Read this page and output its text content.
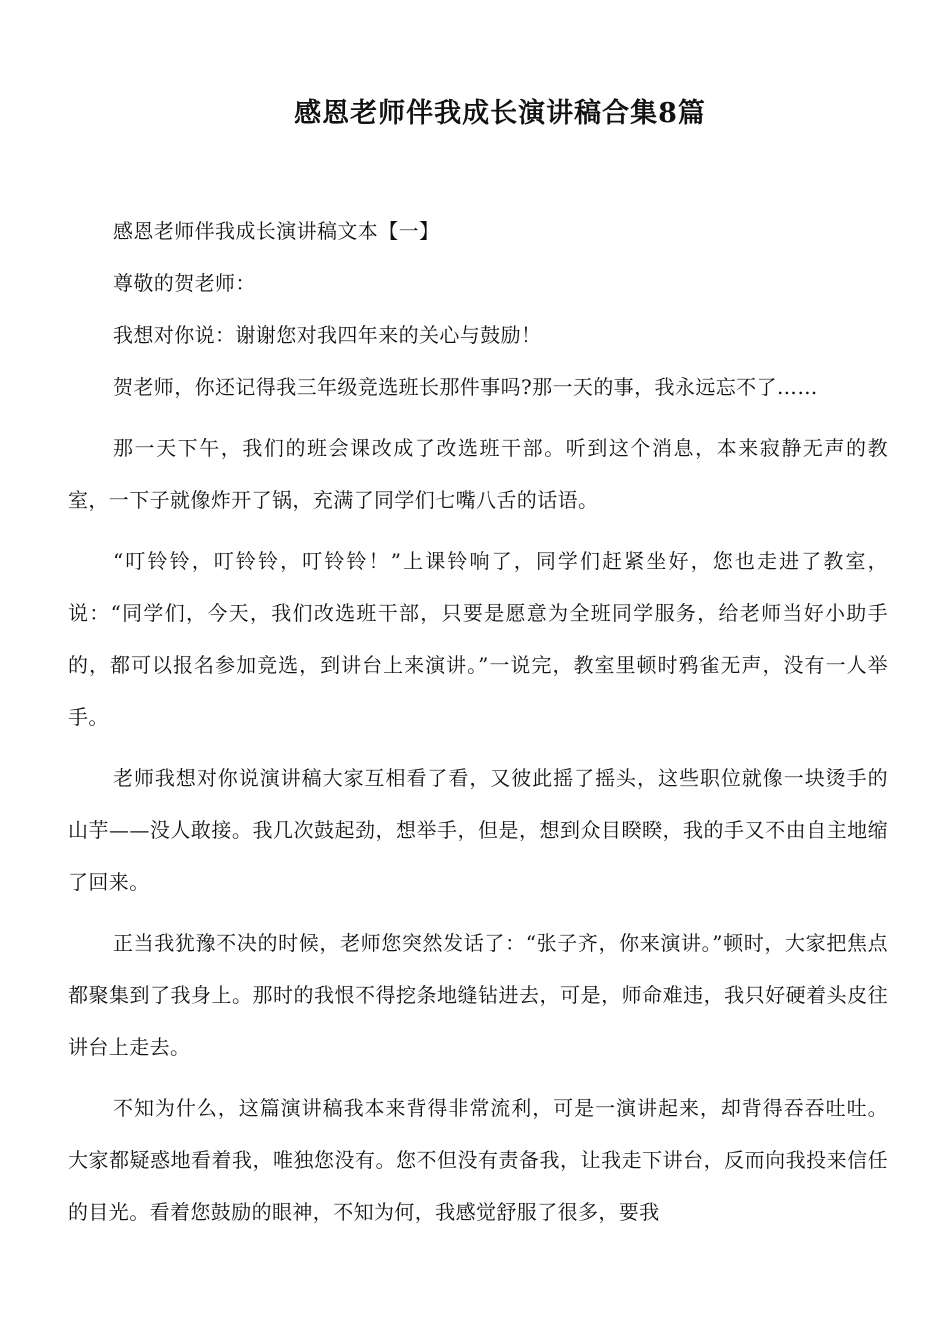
感恩老师伴我成长演讲稿合集8篇

感恩老师伴我成长演讲稿文本【一】

尊敬的贺老师：

我想对你说：谢谢您对我四年来的关心与鼓励！

贺老师，你还记得我三年级竞选班长那件事吗?那一天的事，我永远忘不了……

那一天下午，我们的班会课改成了改选班干部。听到这个消息，本来寂静无声的教室，一下子就像炸开了锅，充满了同学们七嘴八舌的话语。

“叮铃铃，叮铃铃，叮铃铃！”上课铃响了，同学们赶紧坐好，您也走进了教室，说：“同学们，今天，我们改选班干部，只要是愿意为全班同学服务，给老师当好小助手的，都可以报名参加竞选，到讲台上来演讲。”一说完，教室里顿时鸦雀无声，没有一人举手。

老师我想对你说演讲稿大家互相看了看，又彼此摇了摇头，这些职位就像一块烫手的山芋——没人敢接。我几次鼓起劲，想举手，但是，想到众目睽睽，我的手又不由自主地缩了回来。

正当我犹豫不决的时候，老师您突然发话了：“张子齐，你来演讲。”顿时，大家把焦点都聚集到了我身上。那时的我恨不得挖条地缝钻进去，可是，师命难违，我只好硬着头皮往讲台上走去。

不知为什么，这篇演讲稿我本来背得非常流利，可是一演讲起来，却背得吞吞吐吐。大家都疑惑地看着我，唯独您没有。您不但没有责备我，让我走下讲台，反而向我投来信任的目光。看着您鼓励的眼神，不知为何，我感觉舒服了很多，要我
